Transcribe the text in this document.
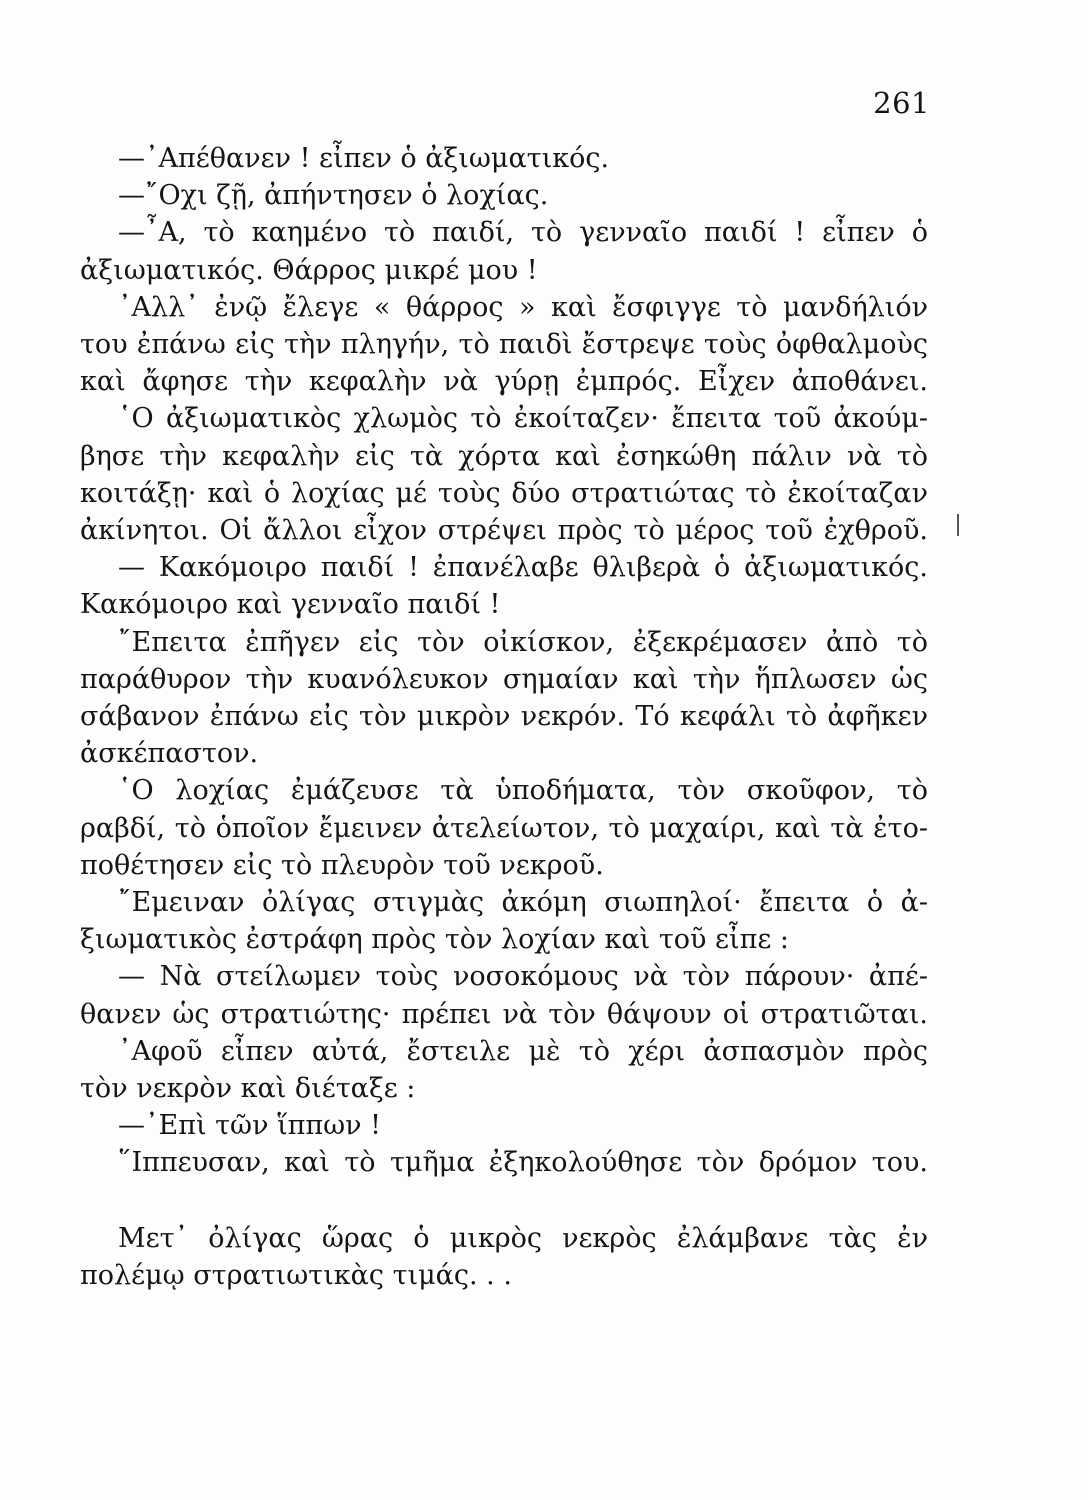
261
—᾿Απέθανεν ! εἶπεν ὁ ἀξιωματικός.
—῎Οχι ζῇ, ἀπήντησεν ὁ λοχίας.
—῏Α, τὸ καημένο τὸ παιδί, τὸ γενναῖο παιδί ! εἶπεν ὁ
ἀξιωματικός. Θάρρος μικρέ μου !
᾿Αλλ᾿ ἐνῷ ἔλεγε « θάρρος » καὶ ἔσφιγγε τὸ μανδήλιόν
του ἐπάνω εἰς τὴν πληγήν, τὸ παιδὶ ἔστρεψε τοὺς ὀφθαλμοὺς
καὶ ἄφησε τὴν κεφαλὴν νὰ γύρῃ ἐμπρός. Εἶχεν ἀποθάνει.
῾Ο ἀξιωματικὸς χλωμὸς τὸ ἐκοίταζεν· ἔπειτα τοῦ ἀκούμ-
βησε τὴν κεφαλὴν εἰς τὰ χόρτα καὶ ἐσηκώθη πάλιν νὰ τὸ
κοιτάξῃ· καὶ ὁ λοχίας μέ τοὺς δύο στρατιώτας τὸ ἐκοίταζαν
ἀκίνητοι. Οἱ ἄλλοι εἶχον στρέψει πρὸς τὸ μέρος τοῦ ἐχθροῦ.
— Κακόμοιρο παιδί ! ἐπανέλαβε θλιβερὰ ὁ ἀξιωματικός.
Κακόμοιρο καὶ γενναῖο παιδί !
῎Επειτα ἐπῆγεν εἰς τὸν οἰκίσκον, ἐξεκρέμασεν ἀπὸ τὸ
παράθυρον τὴν κυανόλευκον σημαίαν καὶ τὴν ἥπλωσεν ὡς
σάβανον ἐπάνω εἰς τὸν μικρὸν νεκρόν. Τό κεφάλι τὸ ἀφῆκεν
ἀσκέπαστον.
῾Ο λοχίας ἐμάζευσε τὰ ὑποδήματα, τὸν σκοῦφον, τὸ
ραβδί, τὸ ὁποῖον ἔμεινεν ἀτελείωτον, τὸ μαχαίρι, καὶ τὰ ἐτο-
ποθέτησεν εἰς τὸ πλευρὸν τοῦ νεκροῦ.
῎Εμειναν ὀλίγας στιγμὰς ἀκόμη σιωπηλοί· ἔπειτα ὁ ἀ-
ξιωματικὸς ἐστράφη πρὸς τὸν λοχίαν καὶ τοῦ εἶπε :
— Νὰ στείλωμεν τοὺς νοσοκόμους νὰ τὸν πάρουν· ἀπέ-
θανεν ὡς στρατιώτης· πρέπει νὰ τὸν θάψουν οἱ στρατιῶται.
᾿Αφοῦ εἶπεν αὐτά, ἔστειλε μὲ τὸ χέρι ἀσπασμὸν πρὸς
τὸν νεκρὸν καὶ διέταξε :
—᾿Επὶ τῶν ἵππων !
῞Ιππευσαν, καὶ τὸ τμῆμα ἐξηκολούθησε τὸν δρόμον του.
Μετ᾿ ὀλίγας ὥρας ὁ μικρὸς νεκρὸς ἐλάμβανε τὰς ἐν
πολέμῳ στρατιωτικὰς τιμάς. . .
